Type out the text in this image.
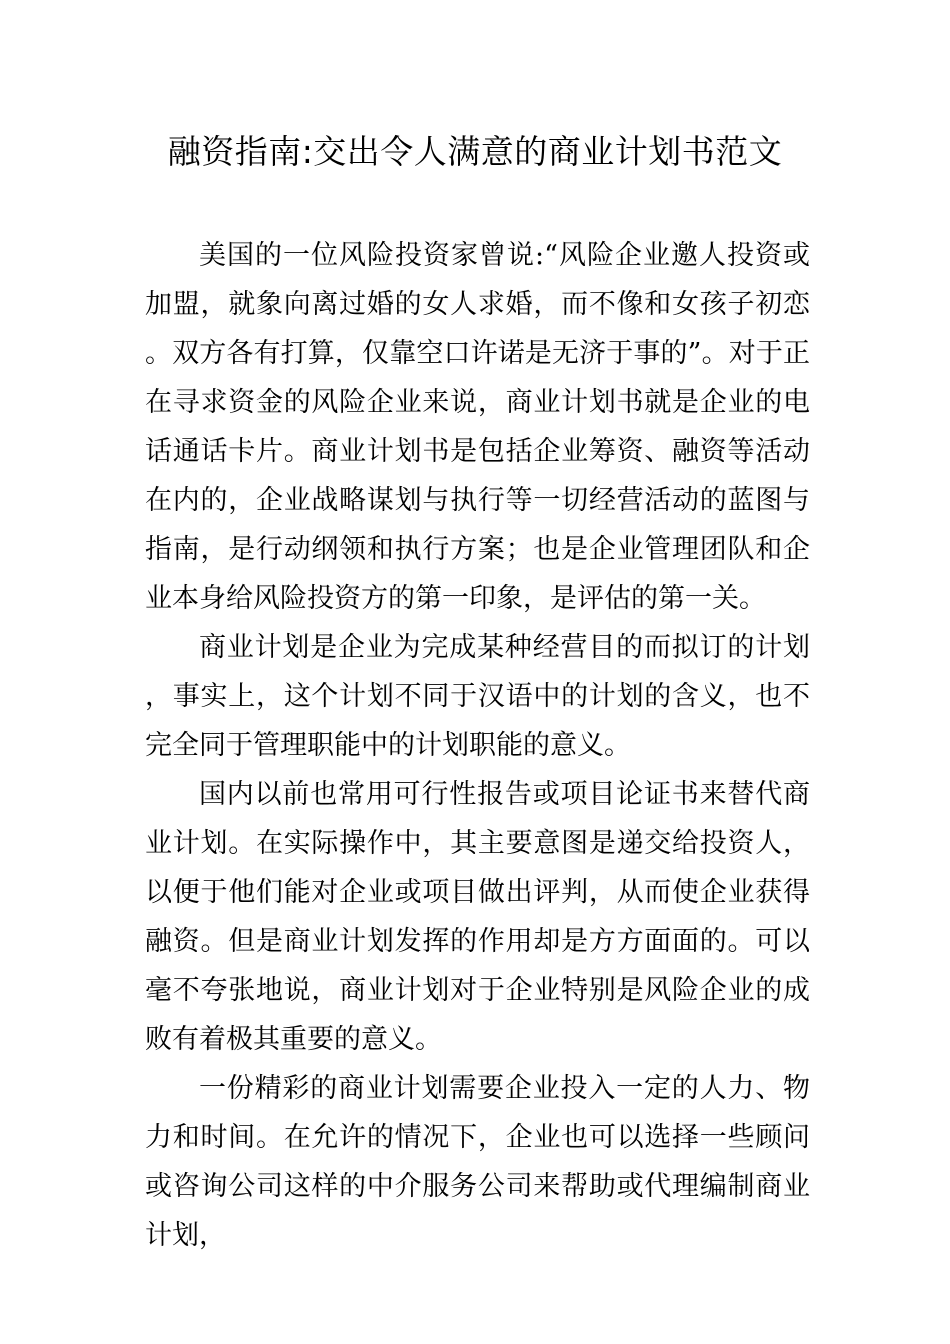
融资指南:交出令人满意的商业计划书范文

美国的一位风险投资家曾说:“风险企业邀人投资或加盟，就象向离过婚的女人求婚，而不像和女孩子初恋。双方各有打算，仅靠空口许诺是无济于事的”。对于正在寻求资金的风险企业来说，商业计划书就是企业的电话通话卡片。商业计划书是包括企业筹资、融资等活动在内的，企业战略谋划与执行等一切经营活动的蓝图与指南，是行动纲领和执行方案；也是企业管理团队和企业本身给风险投资方的第一印象，是评估的第一关。

商业计划是企业为完成某种经营目的而拟订的计划，事实上，这个计划不同于汉语中的计划的含义，也不完全同于管理职能中的计划职能的意义。

国内以前也常用可行性报告或项目论证书来替代商业计划。在实际操作中，其主要意图是递交给投资人，以便于他们能对企业或项目做出评判，从而使企业获得融资。但是商业计划发挥的作用却是方方面面的。可以毫不夸张地说，商业计划对于企业特别是风险企业的成败有着极其重要的意义。

一份精彩的商业计划需要企业投入一定的人力、物力和时间。在允许的情况下，企业也可以选择一些顾问或咨询公司这样的中介服务公司来帮助或代理编制商业计划，
